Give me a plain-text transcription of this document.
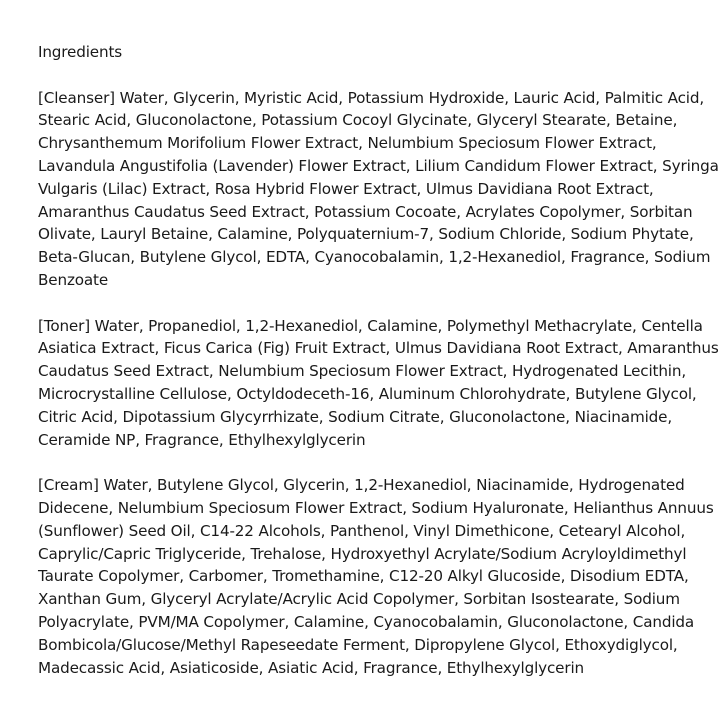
Ingredients
[Cleanser] Water, Glycerin, Myristic Acid, Potassium Hydroxide, Lauric Acid, Palmitic Acid,
Stearic Acid, Gluconolactone, Potassium Cocoyl Glycinate, Glyceryl Stearate, Betaine,
Chrysanthemum Morifolium Flower Extract, Nelumbium Speciosum Flower Extract,
Lavandula Angustifolia (Lavender) Flower Extract, Lilium Candidum Flower Extract, Syringa
Vulgaris (Lilac) Extract, Rosa Hybrid Flower Extract, Ulmus Davidiana Root Extract,
Amaranthus Caudatus Seed Extract, Potassium Cocoate, Acrylates Copolymer, Sorbitan
Olivate, Lauryl Betaine, Calamine, Polyquaternium-7, Sodium Chloride, Sodium Phytate,
Beta-Glucan, Butylene Glycol, EDTA, Cyanocobalamin, 1,2-Hexanediol, Fragrance, Sodium
Benzoate
[Toner] Water, Propanediol, 1,2-Hexanediol, Calamine, Polymethyl Methacrylate, Centella
Asiatica Extract, Ficus Carica (Fig) Fruit Extract, Ulmus Davidiana Root Extract, Amaranthus
Caudatus Seed Extract, Nelumbium Speciosum Flower Extract, Hydrogenated Lecithin,
Microcrystalline Cellulose, Octyldodeceth-16, Aluminum Chlorohydrate, Butylene Glycol,
Citric Acid, Dipotassium Glycyrrhizate, Sodium Citrate, Gluconolactone, Niacinamide,
Ceramide NP, Fragrance, Ethylhexylglycerin
[Cream] Water, Butylene Glycol, Glycerin, 1,2-Hexanediol, Niacinamide, Hydrogenated
Didecene, Nelumbium Speciosum Flower Extract, Sodium Hyaluronate, Helianthus Annuus
(Sunflower) Seed Oil, C14-22 Alcohols, Panthenol, Vinyl Dimethicone, Cetearyl Alcohol,
Caprylic/Capric Triglyceride, Trehalose, Hydroxyethyl Acrylate/Sodium Acryloyldimethyl
Taurate Copolymer, Carbomer, Tromethamine, C12-20 Alkyl Glucoside, Disodium EDTA,
Xanthan Gum, Glyceryl Acrylate/Acrylic Acid Copolymer, Sorbitan Isostearate, Sodium
Polyacrylate, PVM/MA Copolymer, Calamine, Cyanocobalamin, Gluconolactone, Candida
Bombicola/Glucose/Methyl Rapeseedate Ferment, Dipropylene Glycol, Ethoxydiglycol,
Madecassic Acid, Asiaticoside, Asiatic Acid, Fragrance, Ethylhexylglycerin
